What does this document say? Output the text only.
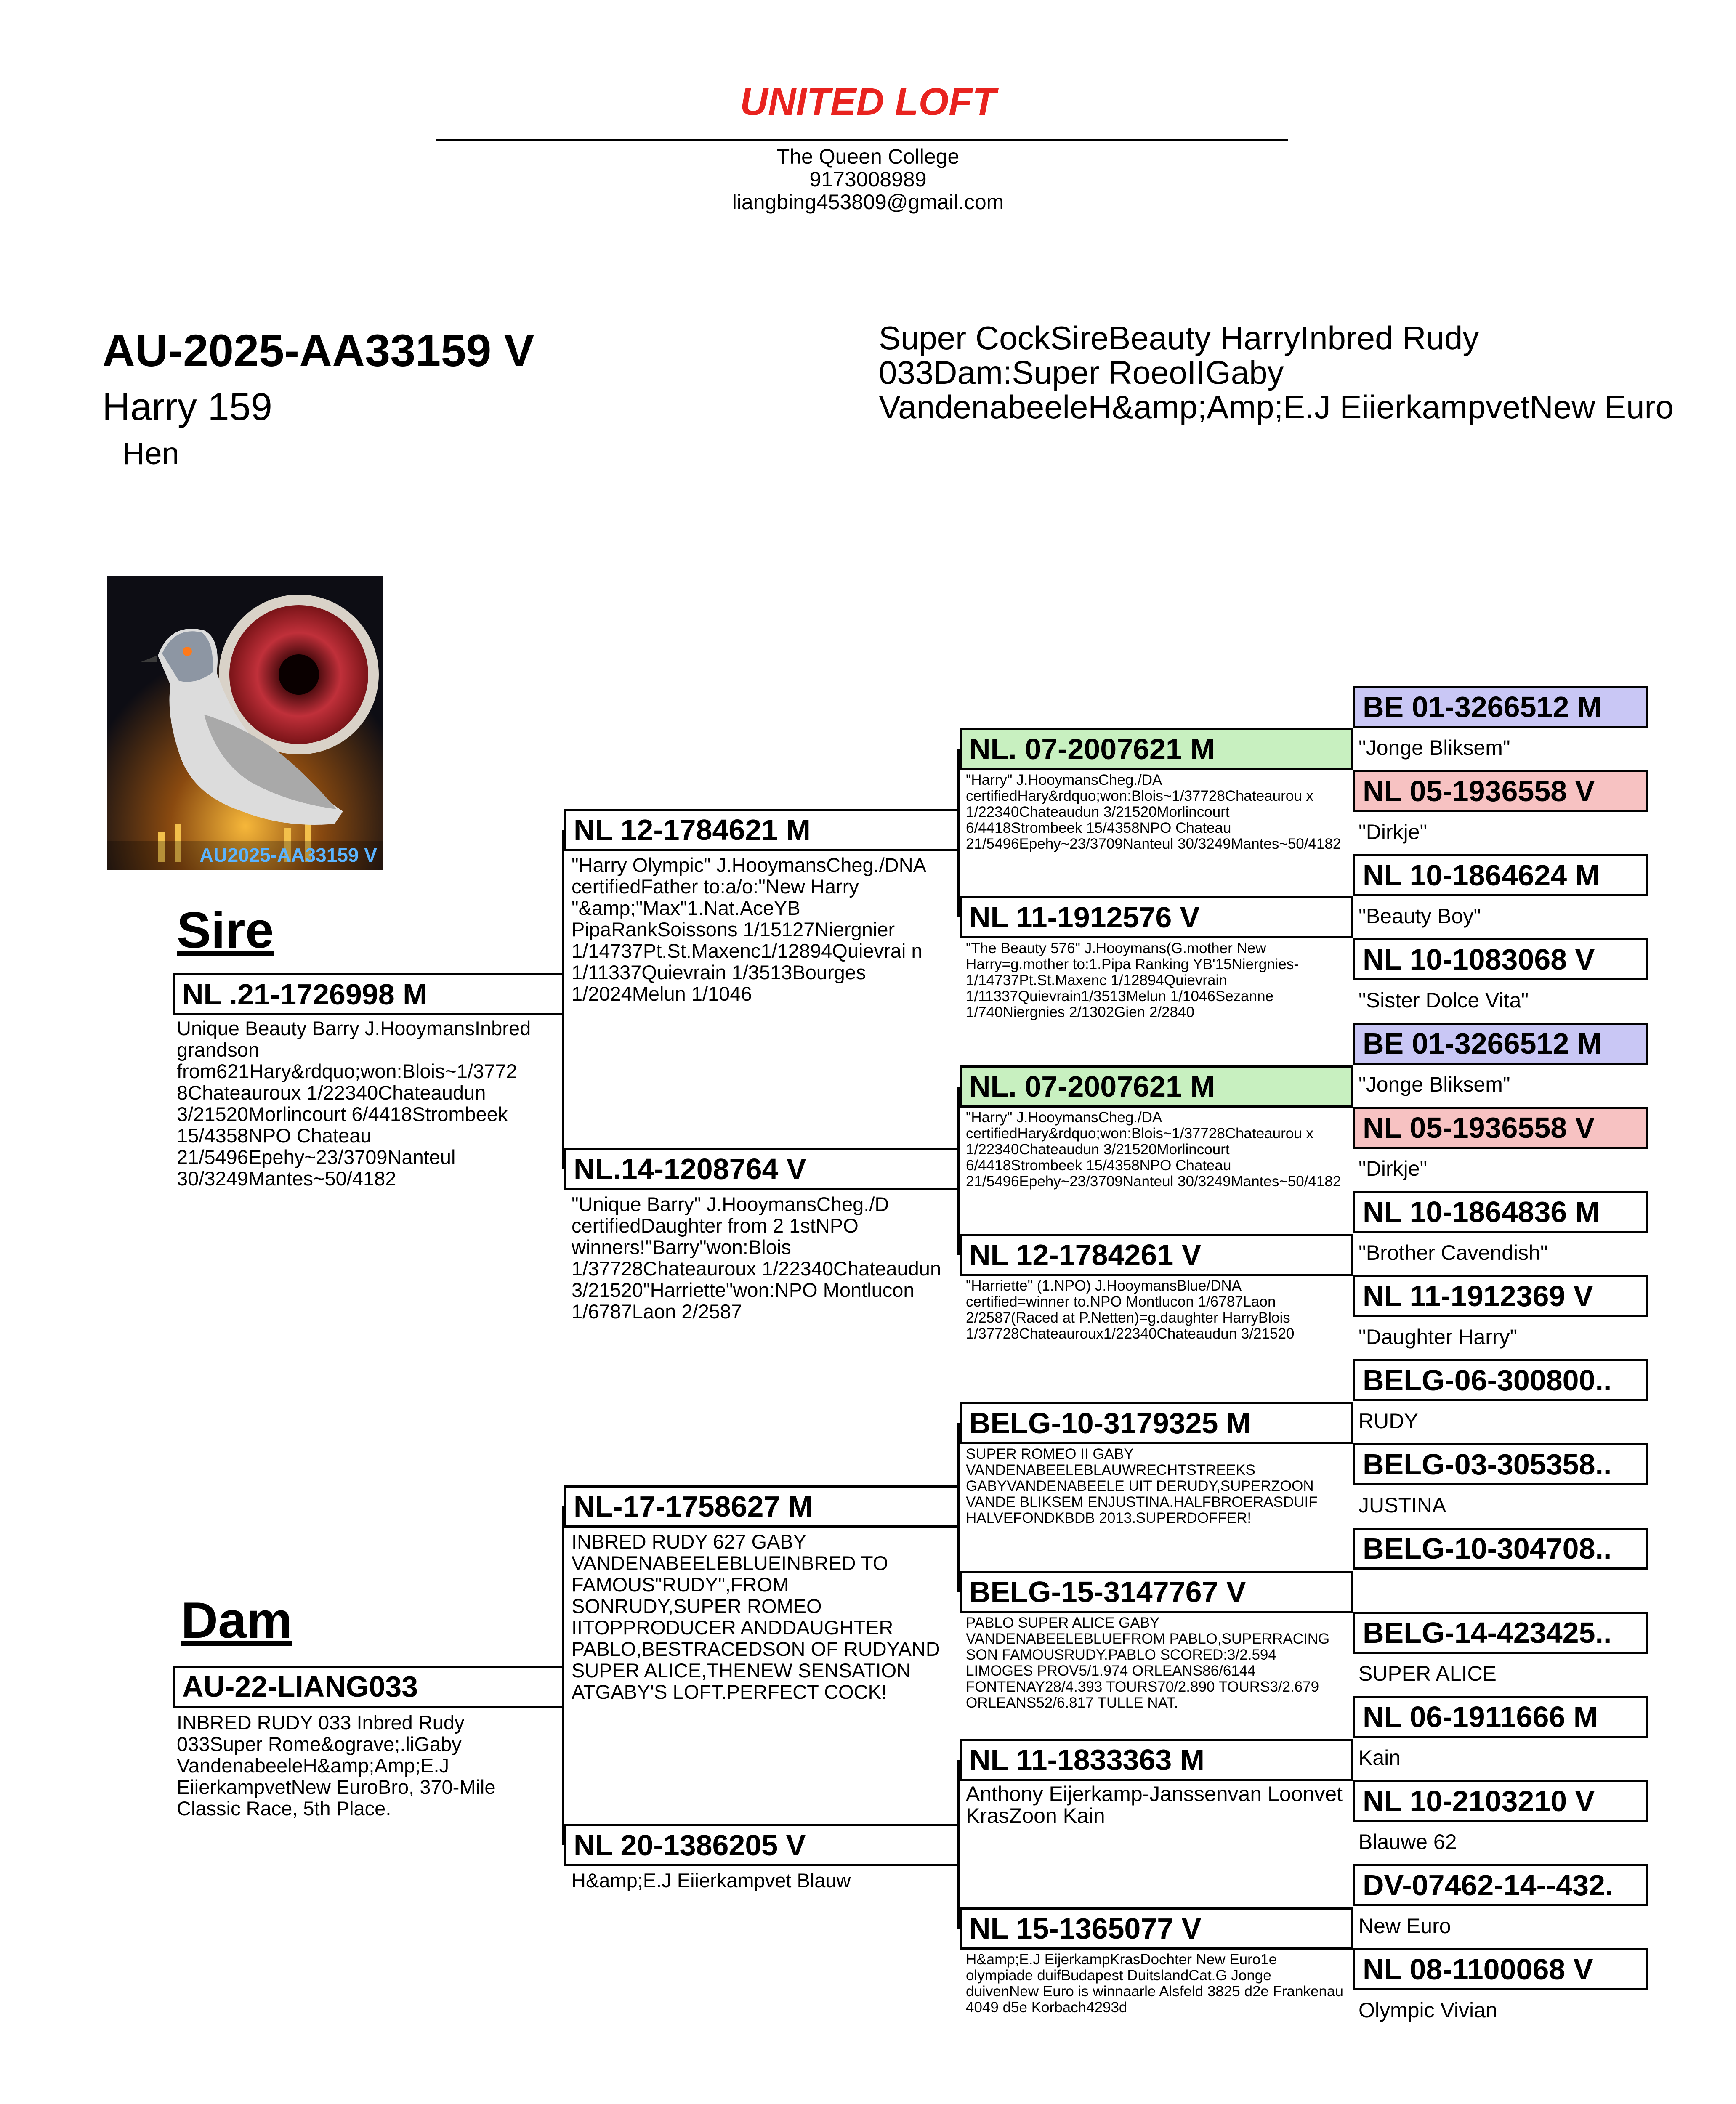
UNITED LOFT
The Queen College
9173008989
liangbing453809@gmail.com
AU-2025-AA33159 V
Harry 159
Hen
Super CockSireBeauty HarryInbred Rudy 033Dam:Super RoeoIIGaby VandenabeeleH&amp;Amp;E.J EiierkampvetNew Euro
AU2025-AA33159 V
Sire
Dam
NL .21-1726998 M
Unique Beauty Barry J.HooymansInbred grandson from621Hary&rdquo;won:Blois~1/3772 8Chateauroux 1/22340Chateaudun 3/21520Morlincourt 6/4418Strombeek 15/4358NPO Chateau 21/5496Epehy~23/3709Nanteul 30/3249Mantes~50/4182
AU-22-LIANG033
INBRED RUDY 033 Inbred Rudy 033Super Rome&ograve;.liGaby VandenabeeleH&amp;Amp;E.J EiierkampvetNew EuroBro, 370-Mile Classic Race, 5th Place.
NL 12-1784621 M
"Harry Olympic" J.HooymansCheg./DNA certifiedFather to:a/o:"New Harry "&amp;"Max"1.Nat.AceYB PipaRankSoissons 1/15127Niergnier 1/14737Pt.St.Maxenc1/12894Quievrai n 1/11337Quievrain 1/3513Bourges 1/2024Melun 1/1046
NL.14-1208764 V
"Unique Barry" J.HooymansCheg./D certifiedDaughter from 2 1stNPO winners!"Barry"won:Blois 1/37728Chateauroux 1/22340Chateaudun 3/21520"Harriette"won:NPO Montlucon 1/6787Laon 2/2587
NL-17-1758627 M
INBRED RUDY 627 GABY VANDENABEELEBLUEINBRED TO FAMOUS"RUDY",FROM SONRUDY,SUPER ROMEO IITOPPRODUCER ANDDAUGHTER PABLO,BESTRACEDSON OF RUDYAND SUPER ALICE,THENEW SENSATION ATGABY'S LOFT.PERFECT COCK!
NL 20-1386205 V
H&amp;E.J Eiierkampvet Blauw
NL. 07-2007621 M
"Harry" J.HooymansCheg./DA certifiedHary&rdquo;won:Blois~1/37728Chateaurou x 1/22340Chateaudun 3/21520Morlincourt 6/4418Strombeek 15/4358NPO Chateau 21/5496Epehy~23/3709Nanteul 30/3249Mantes~50/4182
NL 11-1912576 V
"The Beauty 576" J.Hooymans(G.mother New Harry=g.mother to:1.Pipa Ranking YB'15Niergnies-1/14737Pt.St.Maxenc 1/12894Quievrain 1/11337Quievrain1/3513Melun 1/1046Sezanne 1/740Niergnies 2/1302Gien 2/2840
NL. 07-2007621 M
"Harry" J.HooymansCheg./DA certifiedHary&rdquo;won:Blois~1/37728Chateaurou x 1/22340Chateaudun 3/21520Morlincourt 6/4418Strombeek 15/4358NPO Chateau 21/5496Epehy~23/3709Nanteul 30/3249Mantes~50/4182
NL 12-1784261 V
"Harriette" (1.NPO) J.HooymansBlue/DNA certified=winner to.NPO Montlucon 1/6787Laon 2/2587(Raced at P.Netten)=g.daughter HarryBlois 1/37728Chateauroux1/22340Chateaudun 3/21520
BELG-10-3179325 M
SUPER ROMEO II GABY VANDENABEELEBLAUWRECHTSTREEKS GABYVANDENABEELE UIT DERUDY,SUPERZOON VANDE BLIKSEM ENJUSTINA.HALFBROERASDUIF HALVEFONDKBDB 2013.SUPERDOFFER!
BELG-15-3147767 V
PABLO SUPER ALICE GABY VANDENABEELEBLUEFROM PABLO,SUPERRACING SON FAMOUSRUDY.PABLO SCORED:3/2.594 LIMOGES PROV5/1.974 ORLEANS86/6144 FONTENAY28/4.393 TOURS70/2.890 TOURS3/2.679 ORLEANS52/6.817 TULLE NAT.
NL 11-1833363 M
Anthony Eijerkamp-Janssenvan Loonvet KrasZoon Kain
NL 15-1365077 V
H&amp;E.J EijerkampKrasDochter New Euro1e olympiade duifBudapest DuitslandCat.G Jonge duivenNew Euro is winnaarle Alsfeld 3825 d2e Frankenau 4049 d5e Korbach4293d
BE 01-3266512 M
"Jonge Bliksem"
NL 05-1936558 V
"Dirkje"
NL 10-1864624 M
"Beauty Boy"
NL 10-1083068 V
"Sister Dolce Vita"
BE 01-3266512 M
"Jonge Bliksem"
NL 05-1936558 V
"Dirkje"
NL 10-1864836 M
"Brother Cavendish"
NL 11-1912369 V
"Daughter Harry"
BELG-06-300800..
RUDY
BELG-03-305358..
JUSTINA
BELG-10-304708..
BELG-14-423425..
SUPER ALICE
NL 06-1911666 M
Kain
NL 10-2103210 V
Blauwe 62
DV-07462-14--432.
New Euro
NL 08-1100068 V
Olympic Vivian
